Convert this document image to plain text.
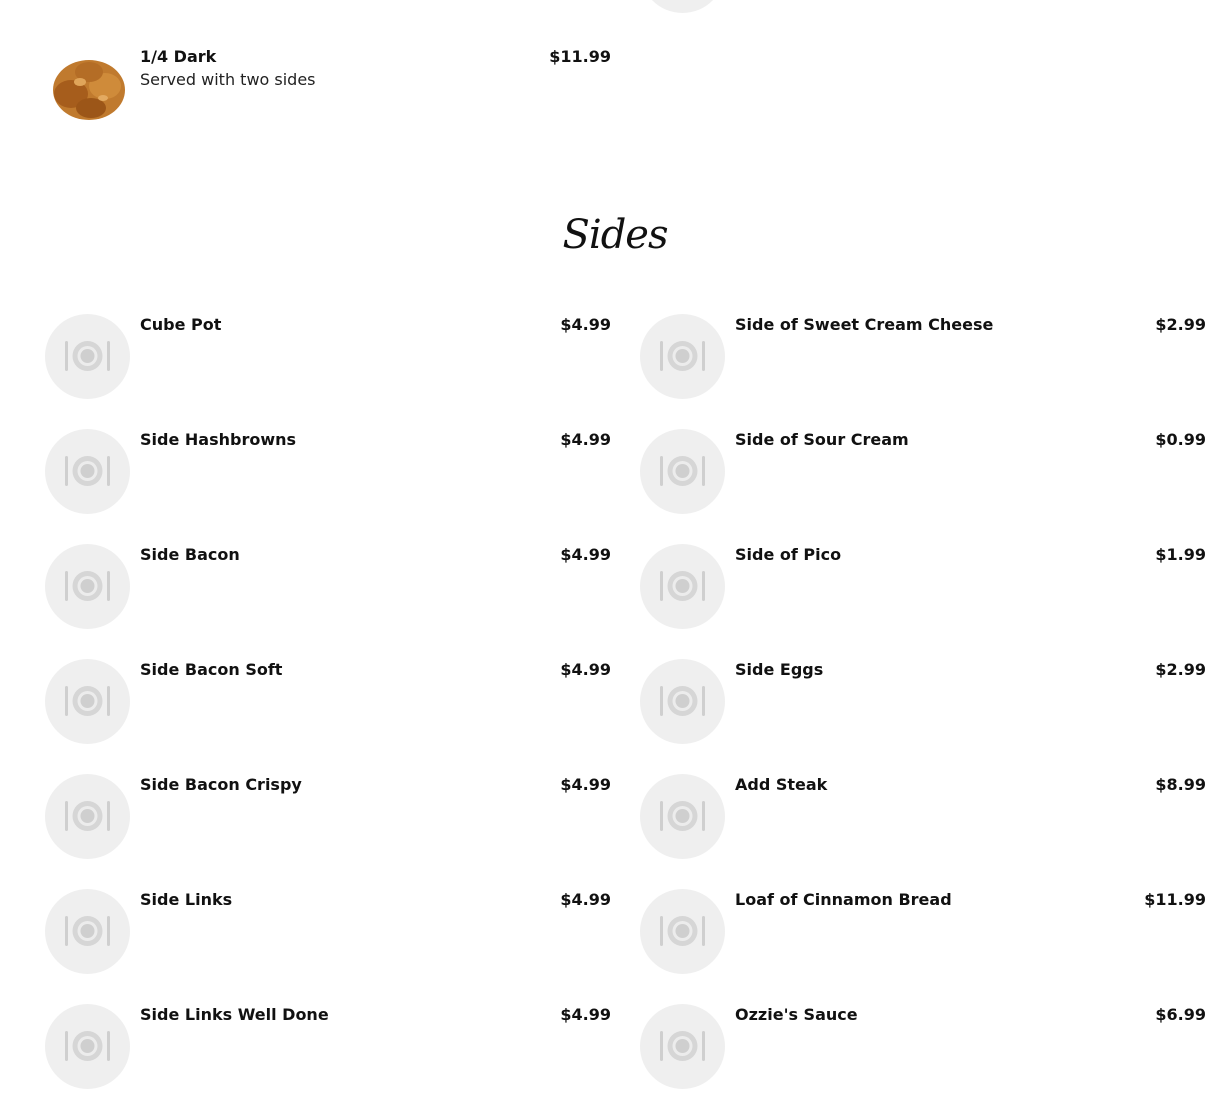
1/4 Dark
Served with two sides
$11.99
Sides
Cube Pot	$4.99
Side Hashbrowns	$4.99
Side Bacon	$4.99
Side Bacon Soft	$4.99
Side Bacon Crispy	$4.99
Side Links	$4.99
Side Links Well Done	$4.99
Side of Sweet Cream Cheese	$2.99
Side of Sour Cream	$0.99
Side of Pico	$1.99
Side Eggs	$2.99
Add Steak	$8.99
Loaf of Cinnamon Bread	$11.99
Ozzie's Sauce	$6.99
